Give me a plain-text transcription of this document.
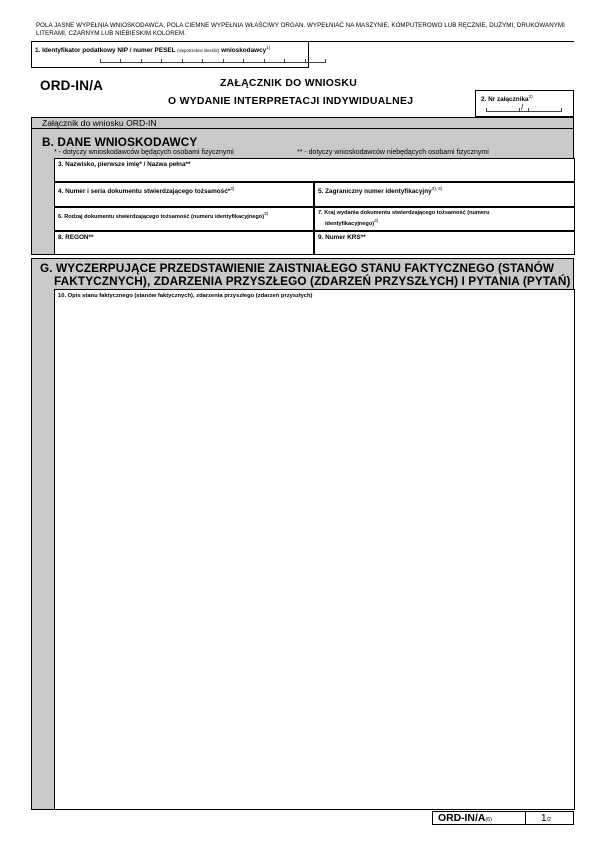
POLA JASNE WYPEŁNIA WNIOSKODAWCA, POLA CIEMNE WYPEŁNIA WŁAŚCIWY ORGAN. WYPEŁNIAĆ NA MASZYNIE, KOMPUTEROWO LUB RĘCZNIE, DUŻYMI, DRUKOWANYMI LITERAMI, CZARNYM LUB NIEBIESKIM KOLOREM.
1. Identyfikator podatkowy NIP / numer PESEL (niepotrzebne skreślić) wnioskodawcy$^{1)}$
ORD-IN/A	ZAŁĄCZNIK DO WNIOSKU
O WYDANIE INTERPRETACJI INDYWIDUALNEJ	2. Nr załącznika$^{2)}$
/
Załącznik do wniosku ORD-IN
B. DANE WNIOSKODAWCY
* - dotyczy wnioskodawców będących osobami fizycznymi	** - dotyczy wnioskodawców niebędących osobami fizycznymi
3. Nazwisko, pierwsze imię* / Nazwa pełna**
4. Numer i seria dokumentu stwierdzającego tożsamość*$^{3)}$	5. Zagraniczny numer identyfikacyjny$^{3), 4)}$
6. Rodzaj dokumentu stwierdzającego tożsamość (numeru identyfikacyjnego)$^{3)}$	7. Kraj wydania dokumentu stwierdzającego tożsamość (numeru
identyfikacyjnego)$^{3)}$
8. REGON**	9. Numer KRS**
G. WYCZERPUJĄCE PRZEDSTAWIENIE ZAISTNIAŁEGO STANU FAKTYCZNEGO (STANÓW
FAKTYCZNYCH), ZDARZENIA PRZYSZŁEGO (ZDARZEŃ PRZYSZŁYCH) I PYTANIA (PYTAŃ)
10. Opis stanu faktycznego (stanów faktycznych), zdarzenia przyszłego (zdarzeń przyszłych)
ORD-IN/A(6)	1/2
